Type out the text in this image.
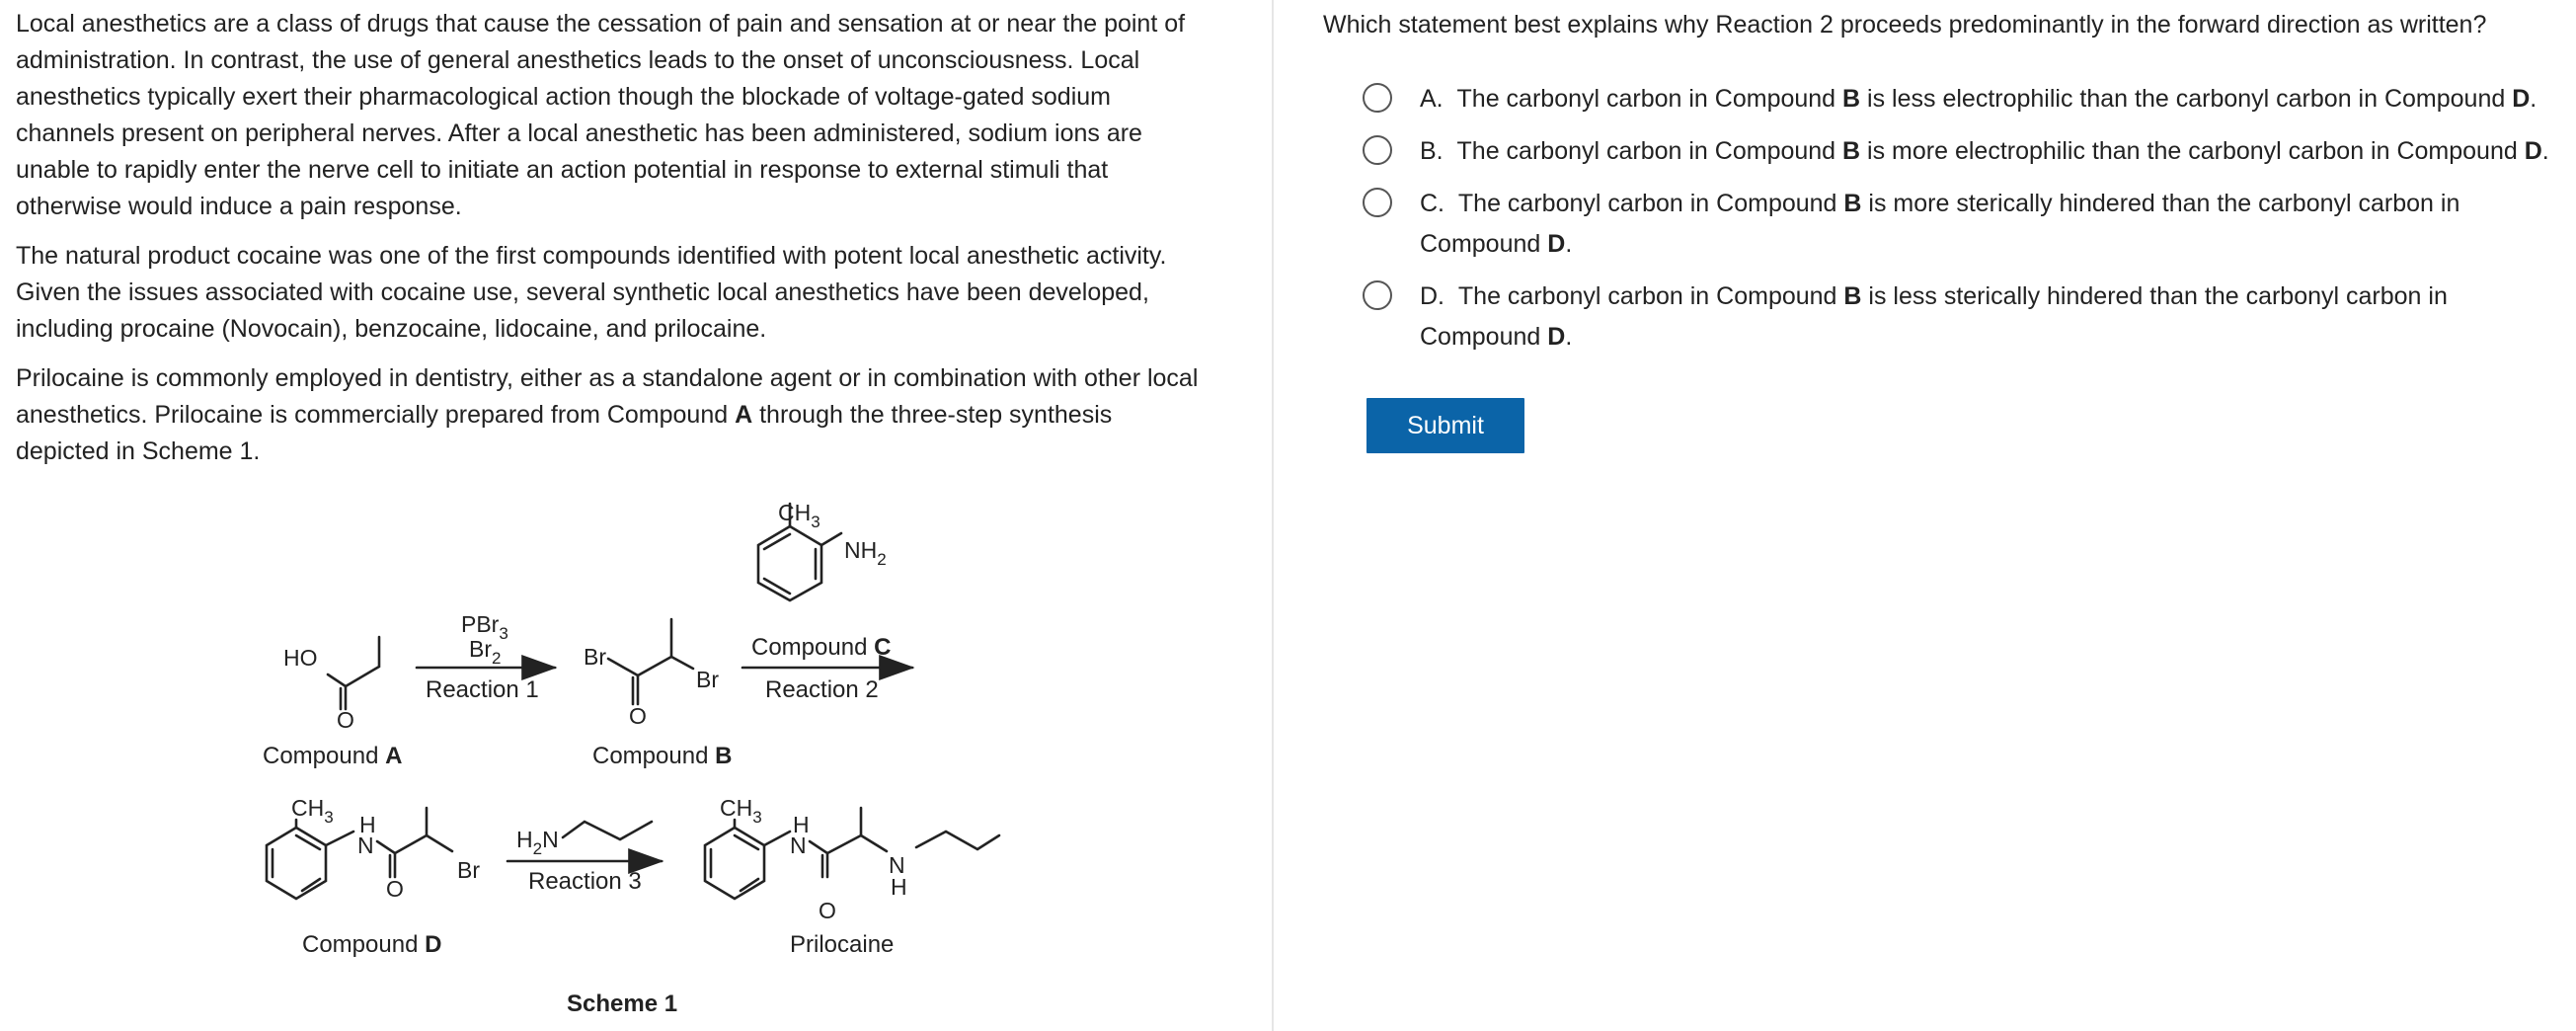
Local anesthetics are a class of drugs that cause the cessation of pain and sensation at or near the point of
administration. In contrast, the use of general anesthetics leads to the onset of unconsciousness. Local
anesthetics typically exert their pharmacological action though the blockade of voltage-gated sodium
channels present on peripheral nerves. After a local anesthetic has been administered, sodium ions are
unable to rapidly enter the nerve cell to initiate an action potential in response to external stimuli that
otherwise would induce a pain response.

The natural product cocaine was one of the first compounds identified with potent local anesthetic activity.
Given the issues associated with cocaine use, several synthetic local anesthetics have been developed,
including procaine (Novocain), benzocaine, lidocaine, and prilocaine.

Prilocaine is commonly employed in dentistry, either as a standalone agent or in combination with other local
anesthetics. Prilocaine is commercially prepared from Compound A through the three-step synthesis
depicted in Scheme 1.

HO
O
Compound A
PBr$_3$
$Br_2$
Reaction 1
Br
Br
O
Compound B
$CH_3$
$NH_2$
Compound C
Reaction 2
$CH_3$ H
N
Br
O
Compound D
$H_2N$
Reaction 3
$CH_3$ H
N
N
H
O
Prilocaine
Scheme 1

Which statement best explains why Reaction 2 proceeds predominantly in the forward direction as written?

A. The carbonyl carbon in Compound B is less electrophilic than the carbonyl carbon in Compound D.
B. The carbonyl carbon in Compound B is more electrophilic than the carbonyl carbon in Compound D.
C. The carbonyl carbon in Compound B is more sterically hindered than the carbonyl carbon in
Compound D.
D. The carbonyl carbon in Compound B is less sterically hindered than the carbonyl carbon in
Compound D.
Submit
